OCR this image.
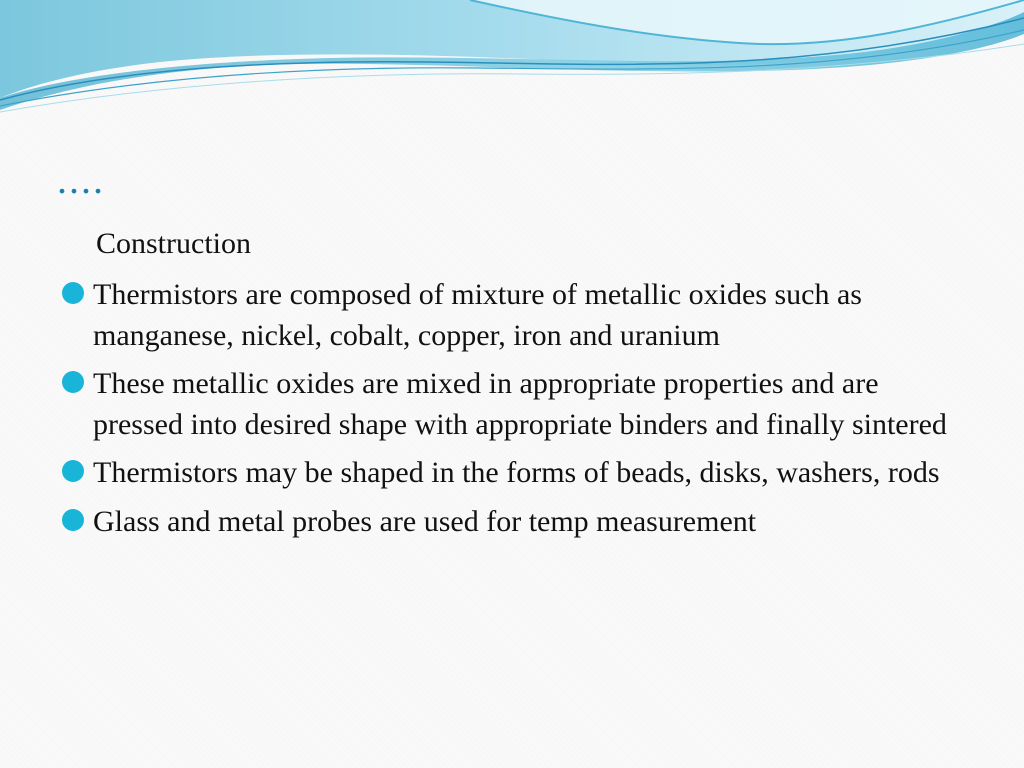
....

Construction

Thermistors are composed of mixture of metallic oxides such as manganese, nickel, cobalt, copper, iron and uranium
These metallic oxides are mixed in appropriate properties and are pressed into desired shape with appropriate binders and finally sintered
Thermistors may be shaped in the forms of beads, disks, washers, rods
Glass and metal probes are used for temp measurement
